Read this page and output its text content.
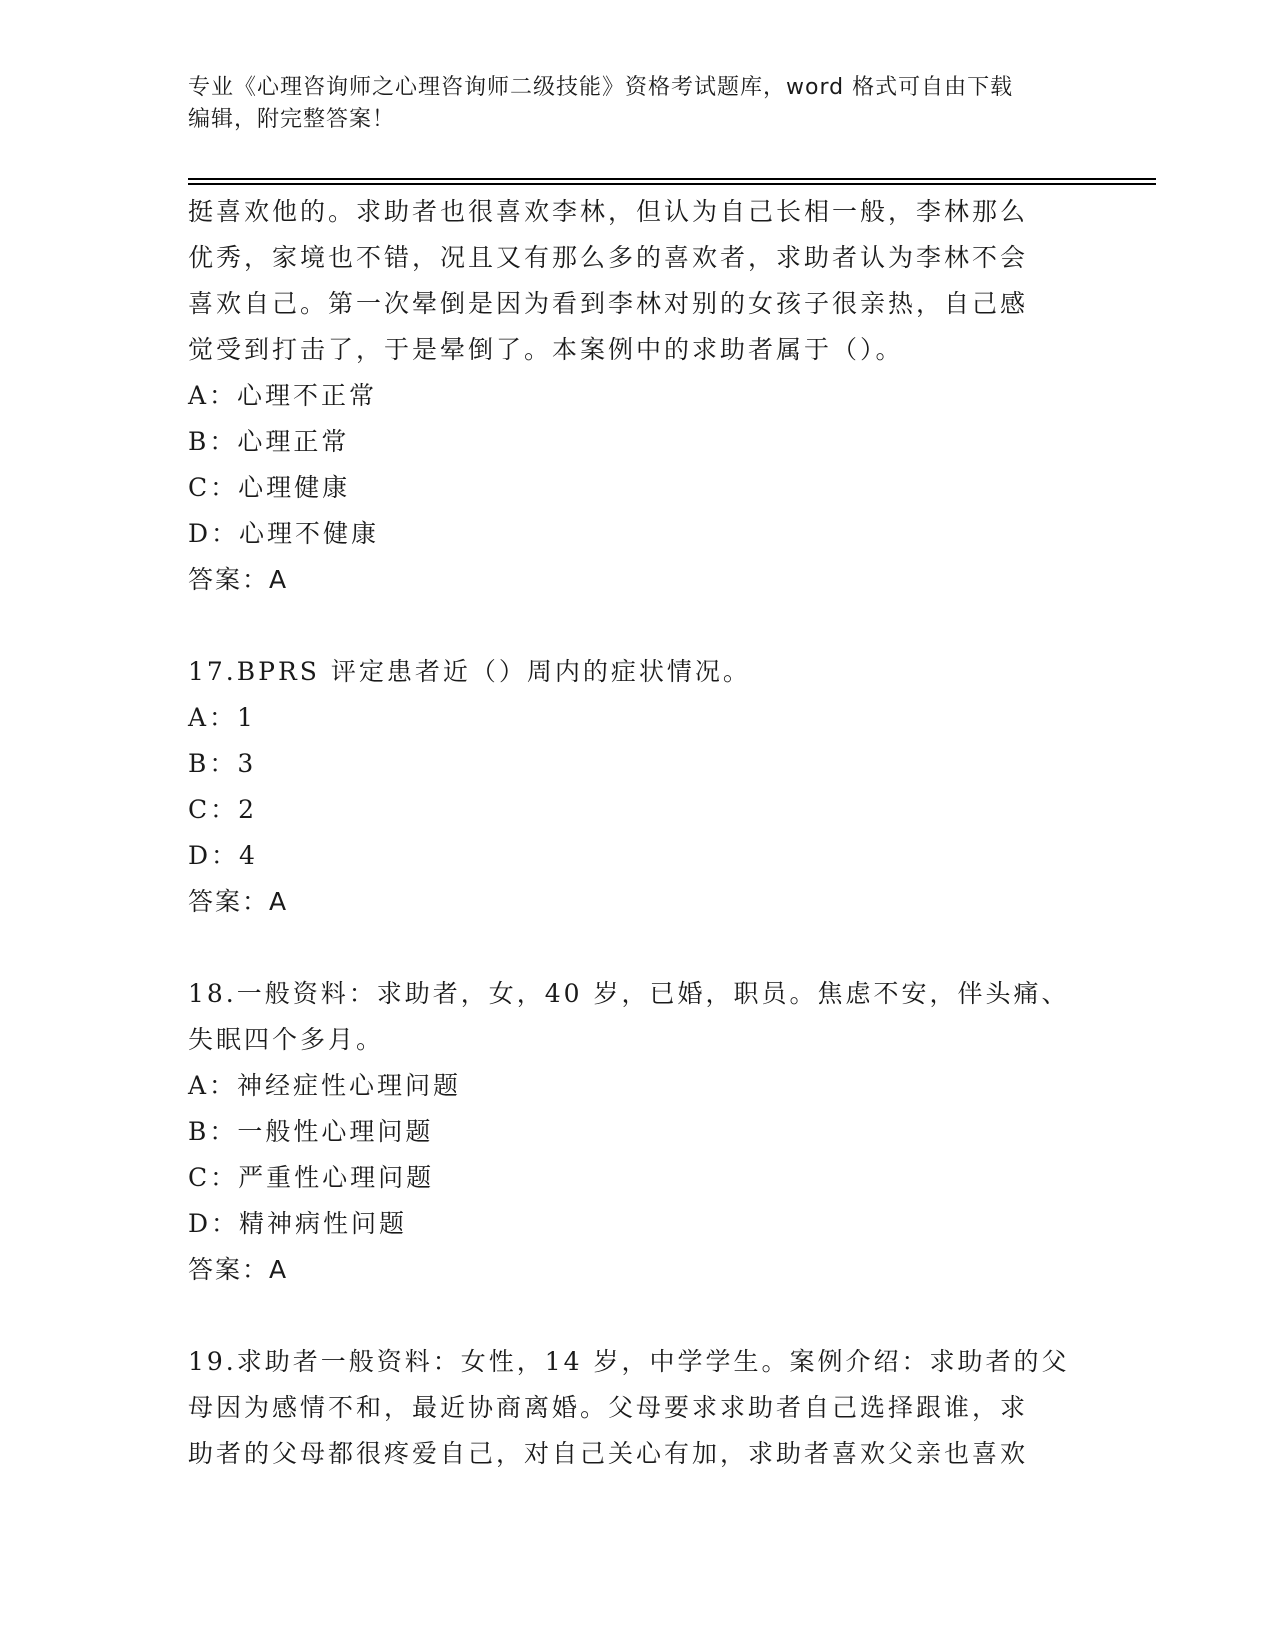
专业《心理咨询师之心理咨询师二级技能》资格考试题库，word 格式可自由下载
编辑，附完整答案！
挺喜欢他的。求助者也很喜欢李林，但认为自己长相一般，李林那么
优秀，家境也不错，况且又有那么多的喜欢者，求助者认为李林不会
喜欢自己。第一次晕倒是因为看到李林对别的女孩子很亲热，自己感
觉受到打击了，于是晕倒了。本案例中的求助者属于（）。
A：心理不正常
B：心理正常
C：心理健康
D：心理不健康
答案：A
17.BPRS 评定患者近（）周内的症状情况。
A：1
B：3
C：2
D：4
答案：A
18.一般资料：求助者，女，40 岁，已婚，职员。焦虑不安，伴头痛、
失眠四个多月。
A：神经症性心理问题
B：一般性心理问题
C：严重性心理问题
D：精神病性问题
答案：A
19.求助者一般资料：女性，14 岁，中学学生。案例介绍：求助者的父
母因为感情不和，最近协商离婚。父母要求求助者自己选择跟谁，求
助者的父母都很疼爱自己，对自己关心有加，求助者喜欢父亲也喜欢
